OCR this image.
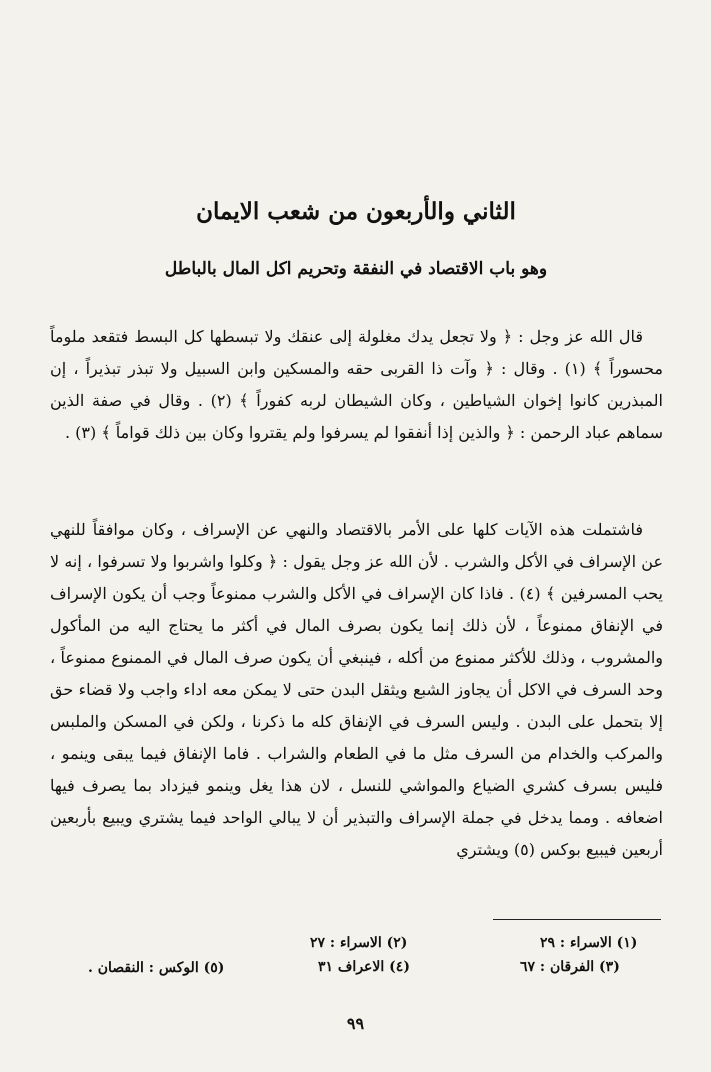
الثاني والأربعون من شعب الايمان
وهو باب الاقتصاد في النفقة وتحريم اكل المال بالباطل

قال الله عز وجل : ﴿ ولا تجعل يدك مغلولة إلى عنقك ولا تبسطها كل البسط فتقعد ملوماً محسوراً ﴾ (١) . وقال : ﴿ وآت ذا القربى حقه والمسكين وابن السبيل ولا تبذر تبذيراً ، إن المبذرين كانوا إخوان الشياطين ، وكان الشيطان لربه كفوراً ﴾ (٢) . وقال في صفة الذين سماهم عباد الرحمن : ﴿ والذين إذا أنفقوا لم يسرفوا ولم يقتروا وكان بين ذلك قواماً ﴾ (٣) .

فاشتملت هذه الآيات كلها على الأمر بالاقتصاد والنهي عن الإسراف ، وكان موافقاً للنهي عن الإسراف في الأكل والشرب . لأن الله عز وجل يقول : ﴿ وكلوا واشربوا ولا تسرفوا ، إنه لا يحب المسرفين ﴾ (٤) . فاذا كان الإسراف في الأكل والشرب ممنوعاً وجب أن يكون الإسراف في الإنفاق ممنوعاً ، لأن ذلك إنما يكون بصرف المال في أكثر ما يحتاج اليه من المأكول والمشروب ، وذلك للأكثر ممنوع من أكله ، فينبغي أن يكون صرف المال في الممنوع ممنوعاً ، وحد السرف في الاكل أن يجاوز الشبع ويثقل البدن حتى لا يمكن معه اداء واجب ولا قضاء حق إلا بتحمل على البدن . وليس السرف في الإنفاق كله ما ذكرنا ، ولكن في المسكن والملبس والمركب والخدام من السرف مثل ما في الطعام والشراب . فاما الإنفاق فيما يبقى وينمو ، فليس بسرف كشري الضياع والمواشي للنسل ، لان هذا يغل وينمو فيزداد بما يصرف فيها اضعافه . ومما يدخل في جملة الإسراف والتبذير أن لا يبالي الواحد فيما يشتري ويبيع بأربعين أربعين فيبيع بوكس (٥) ويشتري

(١) الاسراء : ٢٩
(٢) الاسراء : ٢٧
(٣) الفرقان : ٦٧
(٤) الاعراف ٣١
(٥) الوكس : النقصان .
٩٩
